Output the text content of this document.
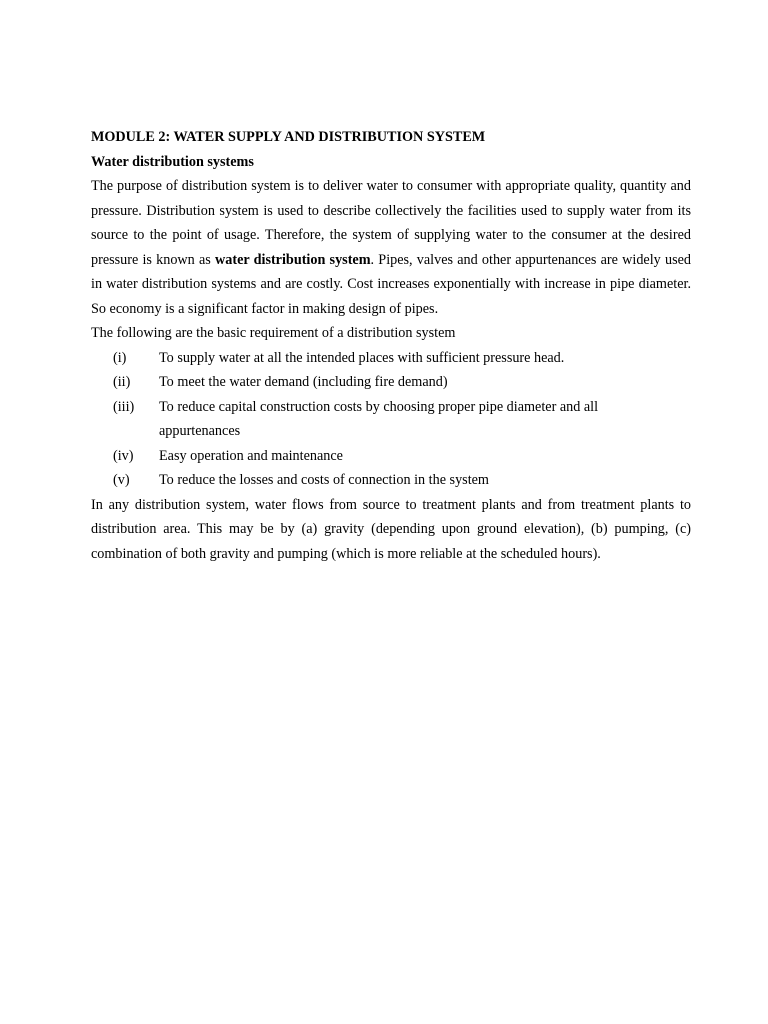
MODULE 2: WATER SUPPLY AND DISTRIBUTION SYSTEM

Water distribution systems

The purpose of distribution system is to deliver water to consumer with appropriate quality, quantity and pressure. Distribution system is used to describe collectively the facilities used to supply water from its source to the point of usage. Therefore, the system of supplying water to the consumer at the desired pressure is known as water distribution system. Pipes, valves and other appurtenances are widely used in water distribution systems and are costly. Cost increases exponentially with increase in pipe diameter. So economy is a significant factor in making design of pipes.

The following are the basic requirement of a distribution system

(i)	To supply water at all the intended places with sufficient pressure head.
(ii)	To meet the water demand (including fire demand)
(iii) To reduce capital construction costs by choosing proper pipe diameter and all appurtenances
(iv) Easy operation and maintenance
(v)	To reduce the losses and costs of connection in the system

In any distribution system, water flows from source to treatment plants and from treatment plants to distribution area. This may be by (a) gravity (depending upon ground elevation), (b) pumping, (c) combination of both gravity and pumping (which is more reliable at the scheduled hours).
